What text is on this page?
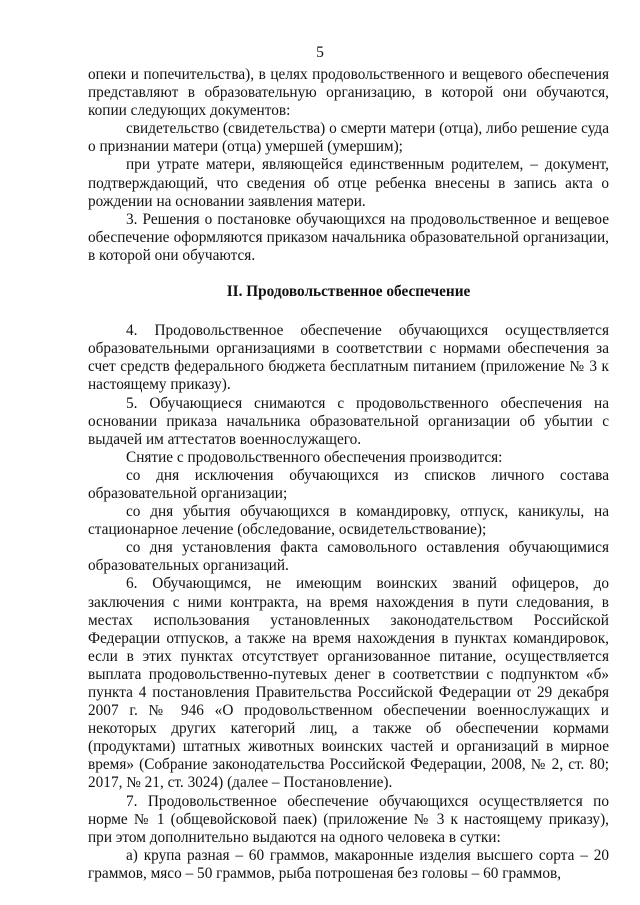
5

опеки и попечительства), в целях продовольственного и вещевого обеспечения представляют в образовательную организацию, в которой они обучаются, копии следующих документов:

свидетельство (свидетельства) о смерти матери (отца), либо решение суда о признании матери (отца) умершей (умершим);

при утрате матери, являющейся единственным родителем, – документ, подтверждающий, что сведения об отце ребенка внесены в запись акта о рождении на основании заявления матери.

3. Решения о постановке обучающихся на продовольственное и вещевое обеспечение оформляются приказом начальника образовательной организации, в которой они обучаются.

II. Продовольственное обеспечение

4. Продовольственное обеспечение обучающихся осуществляется образовательными организациями в соответствии с нормами обеспечения за счет средств федерального бюджета бесплатным питанием (приложение № 3 к настоящему приказу).

5. Обучающиеся снимаются с продовольственного обеспечения на основании приказа начальника образовательной организации об убытии с выдачей им аттестатов военнослужащего.

Снятие с продовольственного обеспечения производится:

со дня исключения обучающихся из списков личного состава образовательной организации;

со дня убытия обучающихся в командировку, отпуск, каникулы, на стационарное лечение (обследование, освидетельствование);

со дня установления факта самовольного оставления обучающимися образовательных организаций.

6. Обучающимся, не имеющим воинских званий офицеров, до заключения с ними контракта, на время нахождения в пути следования, в местах использования установленных законодательством Российской Федерации отпусков, а также на время нахождения в пунктах командировок, если в этих пунктах отсутствует организованное питание, осуществляется выплата продовольственно-путевых денег в соответствии с подпунктом «б» пункта 4 постановления Правительства Российской Федерации от 29 декабря 2007 г. № 946 «О продовольственном обеспечении военнослужащих и некоторых других категорий лиц, а также об обеспечении кормами (продуктами) штатных животных воинских частей и организаций в мирное время» (Собрание законодательства Российской Федерации, 2008, № 2, ст. 80; 2017, № 21, ст. 3024) (далее – Постановление).

7. Продовольственное обеспечение обучающихся осуществляется по норме № 1 (общевойсковой паек) (приложение № 3 к настоящему приказу), при этом дополнительно выдаются на одного человека в сутки:

а) крупа разная – 60 граммов, макаронные изделия высшего сорта – 20 граммов, мясо – 50 граммов, рыба потрошеная без головы – 60 граммов,
